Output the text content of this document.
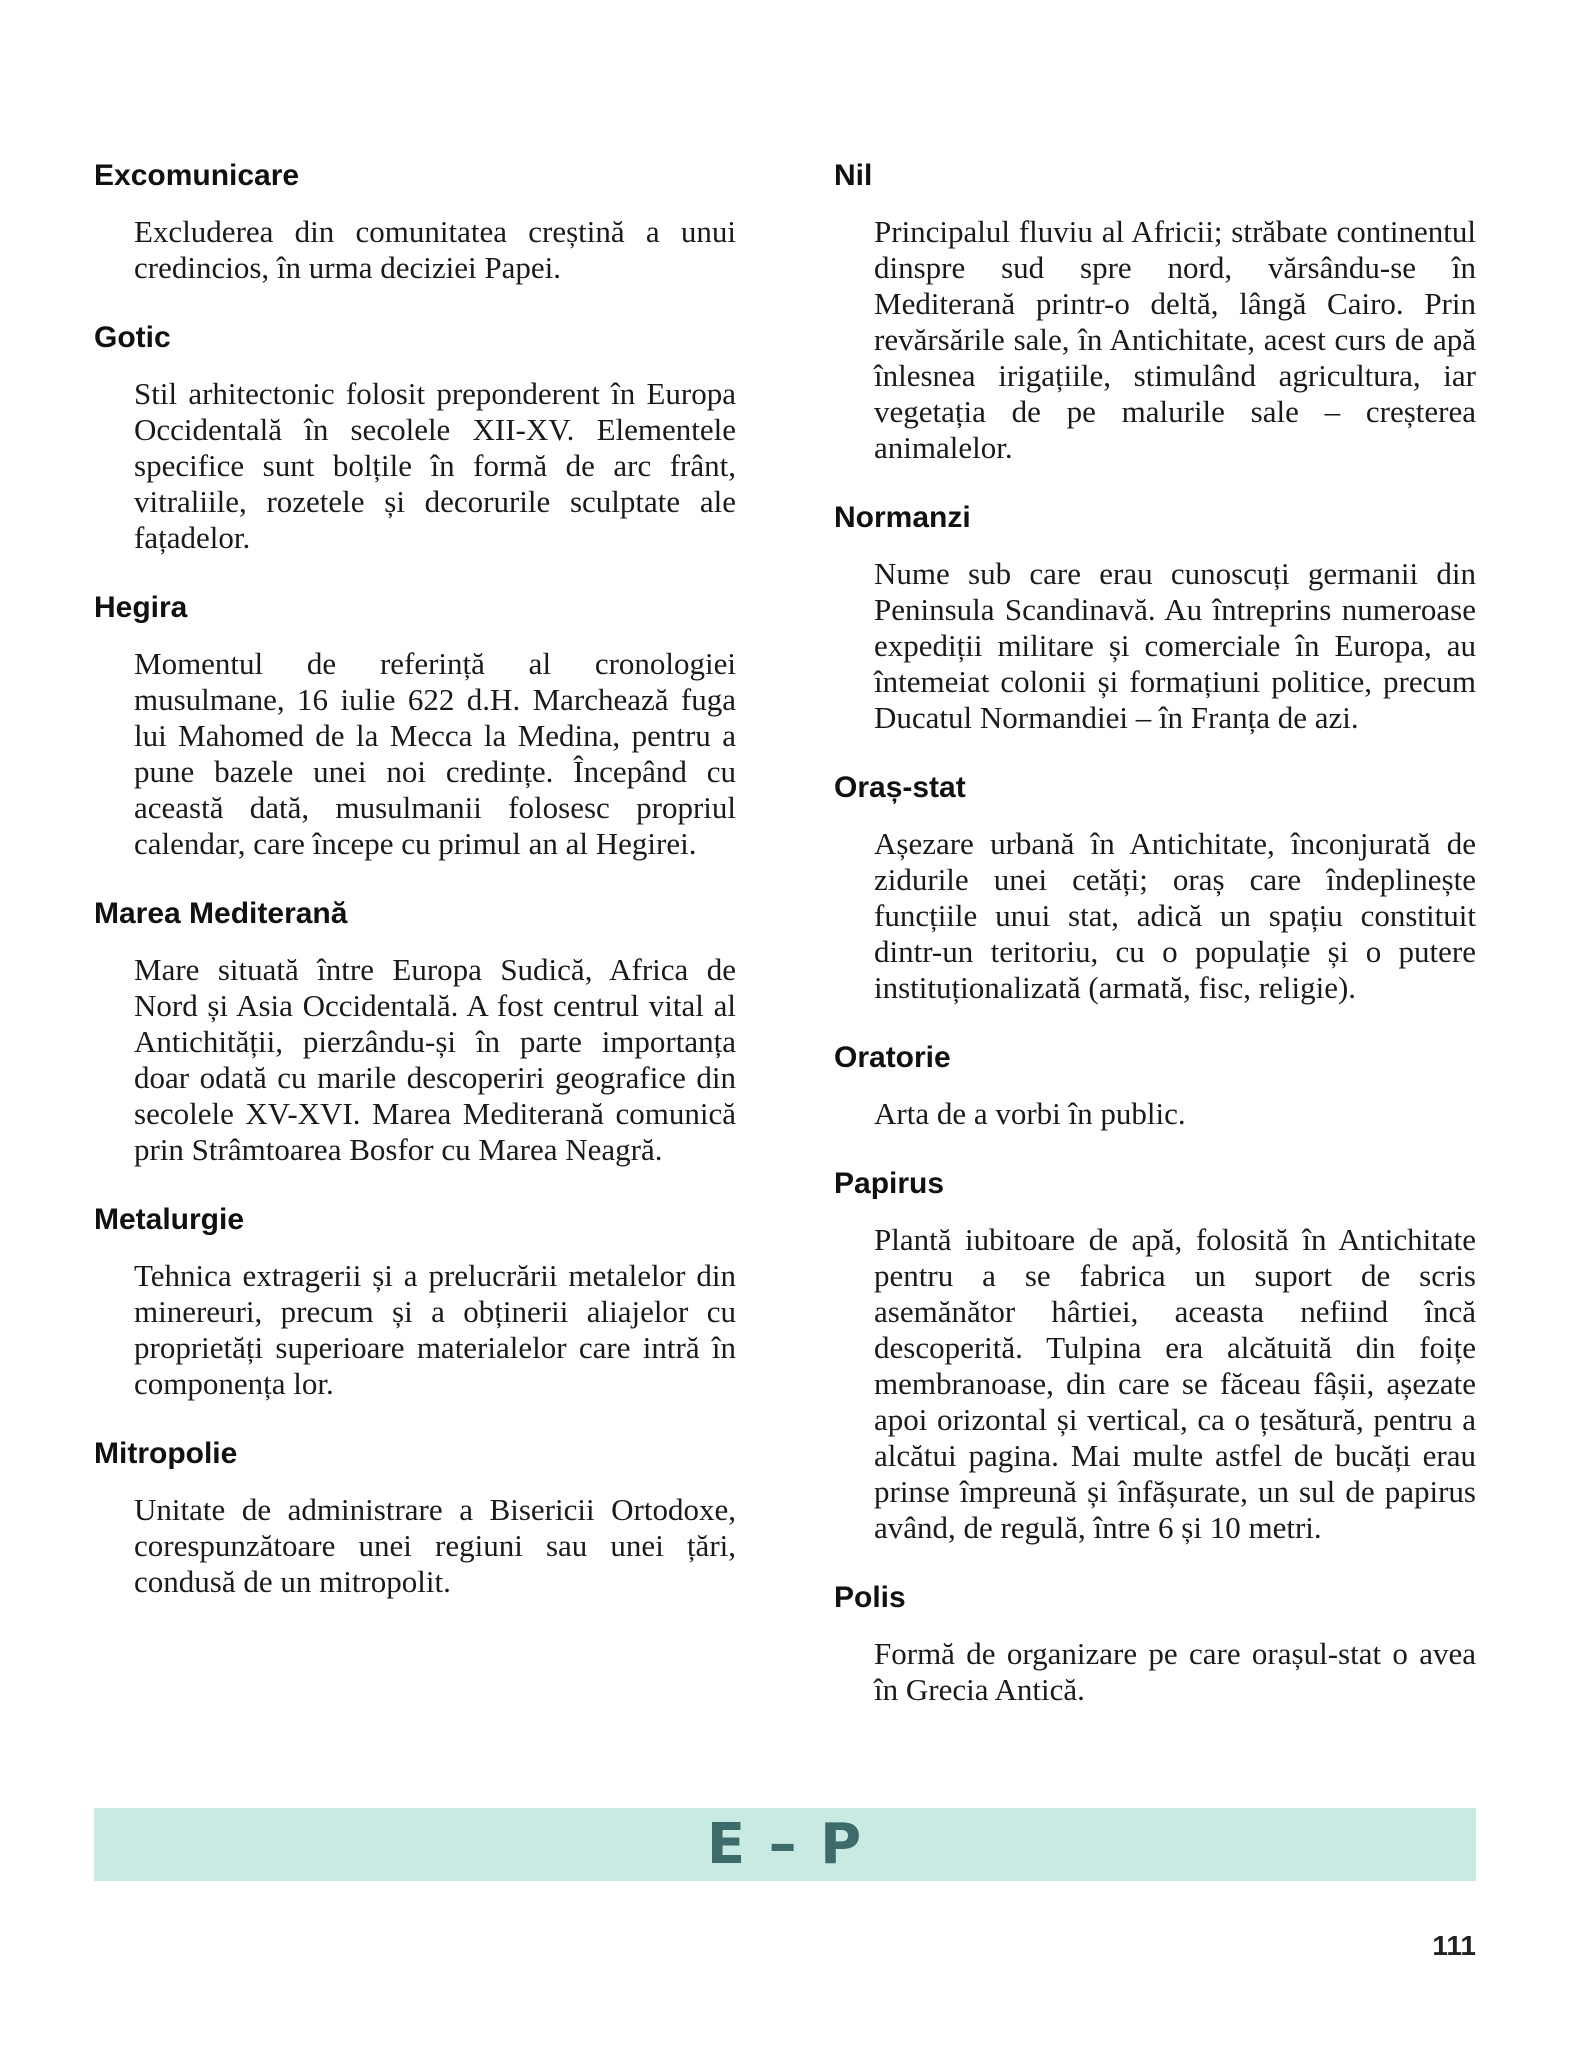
Excomunicare

Excluderea din comunitatea creștină a unui credincios, în urma deciziei Papei.

Gotic

Stil arhitectonic folosit preponderent în Europa Occidentală în secolele XII-XV. Elementele specifice sunt bolțile în formă de arc frânt, vitraliile, rozetele și decorurile sculptate ale fațadelor.

Hegira

Momentul de referință al cronologiei musulmane, 16 iulie 622 d.H. Marchează fuga lui Mahomed de la Mecca la Medina, pentru a pune bazele unei noi credințe. Începând cu această dată, musulmanii folosesc propriul calendar, care începe cu primul an al Hegirei.

Marea Mediterană

Mare situată între Europa Sudică, Africa de Nord și Asia Occidentală. A fost centrul vital al Antichității, pierzându-și în parte importanța doar odată cu marile descoperiri geografice din secolele XV-XVI. Marea Mediterană comunică prin Strâmtoarea Bosfor cu Marea Neagră.

Metalurgie

Tehnica extragerii și a prelucrării metalelor din minereuri, precum și a obținerii aliajelor cu proprietăți superioare materialelor care intră în componența lor.

Mitropolie

Unitate de administrare a Bisericii Ortodoxe, corespunzătoare unei regiuni sau unei țări, condusă de un mitropolit.

Nil

Principalul fluviu al Africii; străbate continentul dinspre sud spre nord, vărsându-se în Mediterană printr-o deltă, lângă Cairo. Prin revărsările sale, în Antichitate, acest curs de apă înlesnea irigațiile, stimulând agricultura, iar vegetația de pe malurile sale – creșterea animalelor.

Normanzi

Nume sub care erau cunoscuți germanii din Peninsula Scandinavă. Au întreprins numeroase expediții militare și comerciale în Europa, au întemeiat colonii și formațiuni politice, precum Ducatul Normandiei – în Franța de azi.

Oraș-stat

Așezare urbană în Antichitate, înconjurată de zidurile unei cetăți; oraș care îndeplinește funcțiile unui stat, adică un spațiu constituit dintr-un teritoriu, cu o populație și o putere instituționalizată (armată, fisc, religie).

Oratorie

Arta de a vorbi în public.

Papirus

Plantă iubitoare de apă, folosită în Antichitate pentru a se fabrica un suport de scris asemănător hârtiei, aceasta nefiind încă descoperită. Tulpina era alcătuită din foițe membranoase, din care se făceau fâșii, așezate apoi orizontal și vertical, ca o țesătură, pentru a alcătui pagina. Mai multe astfel de bucăți erau prinse împreună și înfășurate, un sul de papirus având, de regulă, între 6 și 10 metri.

Polis

Formă de organizare pe care orașul-stat o avea în Grecia Antică.

E – P
111
